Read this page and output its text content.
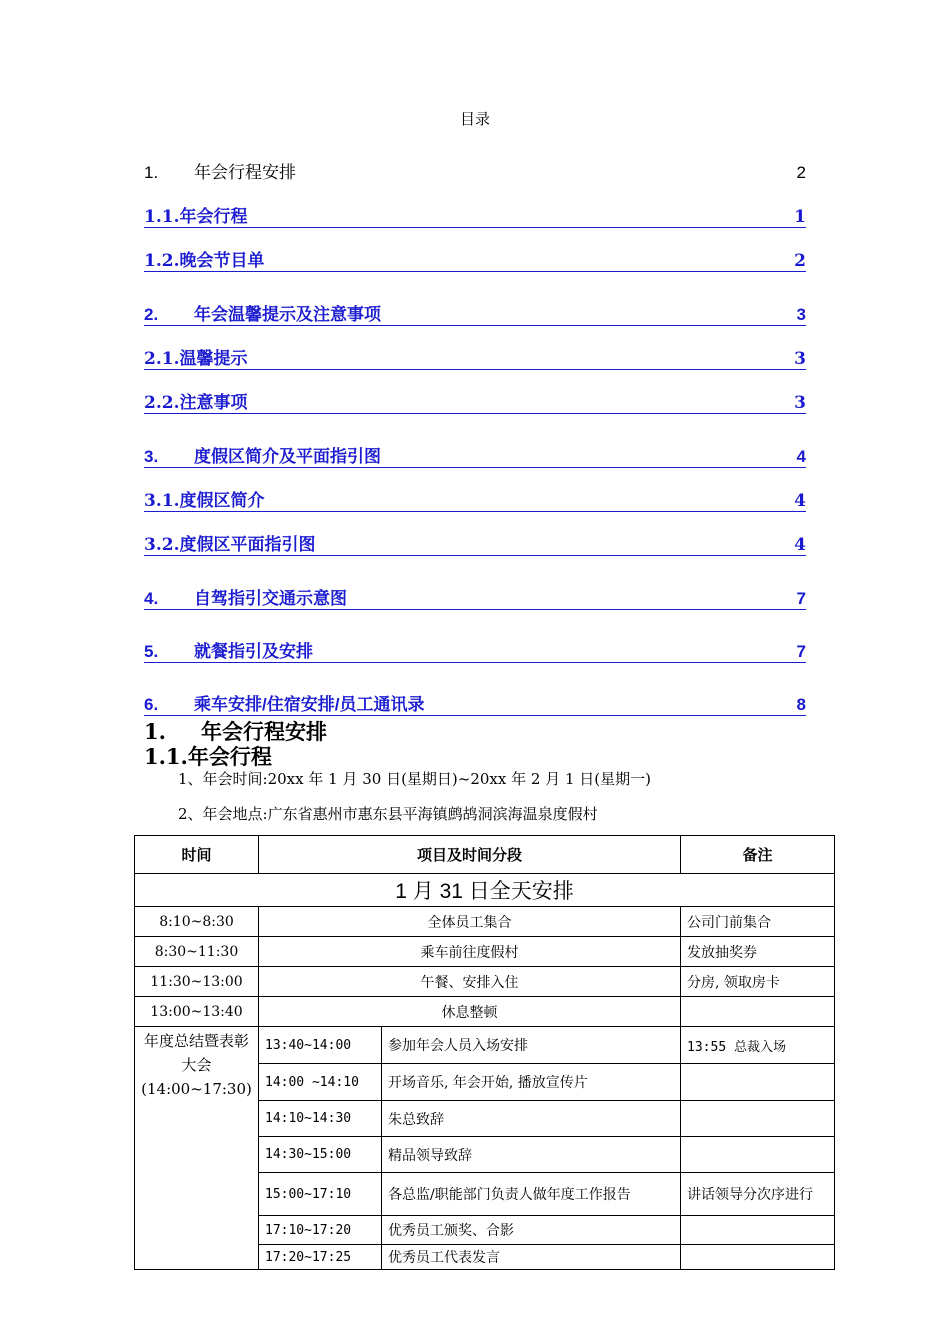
目录
1. 年会行程安排	2
1.1.年会行程	1
1.2.晚会节目单	2
2. 年会温馨提示及注意事项	3
2.1.温馨提示	3
2.2.注意事项	3
3. 度假区简介及平面指引图	4
3.1.度假区简介	4
3.2.度假区平面指引图	4
4. 自驾指引交通示意图	7
5. 就餐指引及安排	7
6. 乘车安排/住宿安排/员工通讯录	8
1. 年会行程安排
1.1.年会行程
1、年会时间:20xx 年 1 月 30 日(星期日)~20xx 年 2 月 1 日(星期一)
2、年会地点:广东省惠州市惠东县平海镇鹧鸪洞滨海温泉度假村
时间	项目及时间分段		备注
1 月 31 日全天安排			
8:10~8:30	全体员工集合		公司门前集合
8:30~11:30	乘车前往度假村		发放抽奖券
11:30~13:00	午餐、安排入住		分房, 领取房卡
13:00~13:40	休息整顿		
年度总结暨表彰大会 (14:00~17:30)	13:40~14:00	参加年会人员入场安排	13:55 总裁入场
	14:00 ~14:10	开场音乐, 年会开始, 播放宣传片	
	14:10~14:30	朱总致辞	
	14:30~15:00	精品领导致辞	
	15:00~17:10	各总监/职能部门负责人做年度工作报告	讲话领导分次序进行
	17:10~17:20	优秀员工颁奖、合影	
	17:20~17:25	优秀员工代表发言	
